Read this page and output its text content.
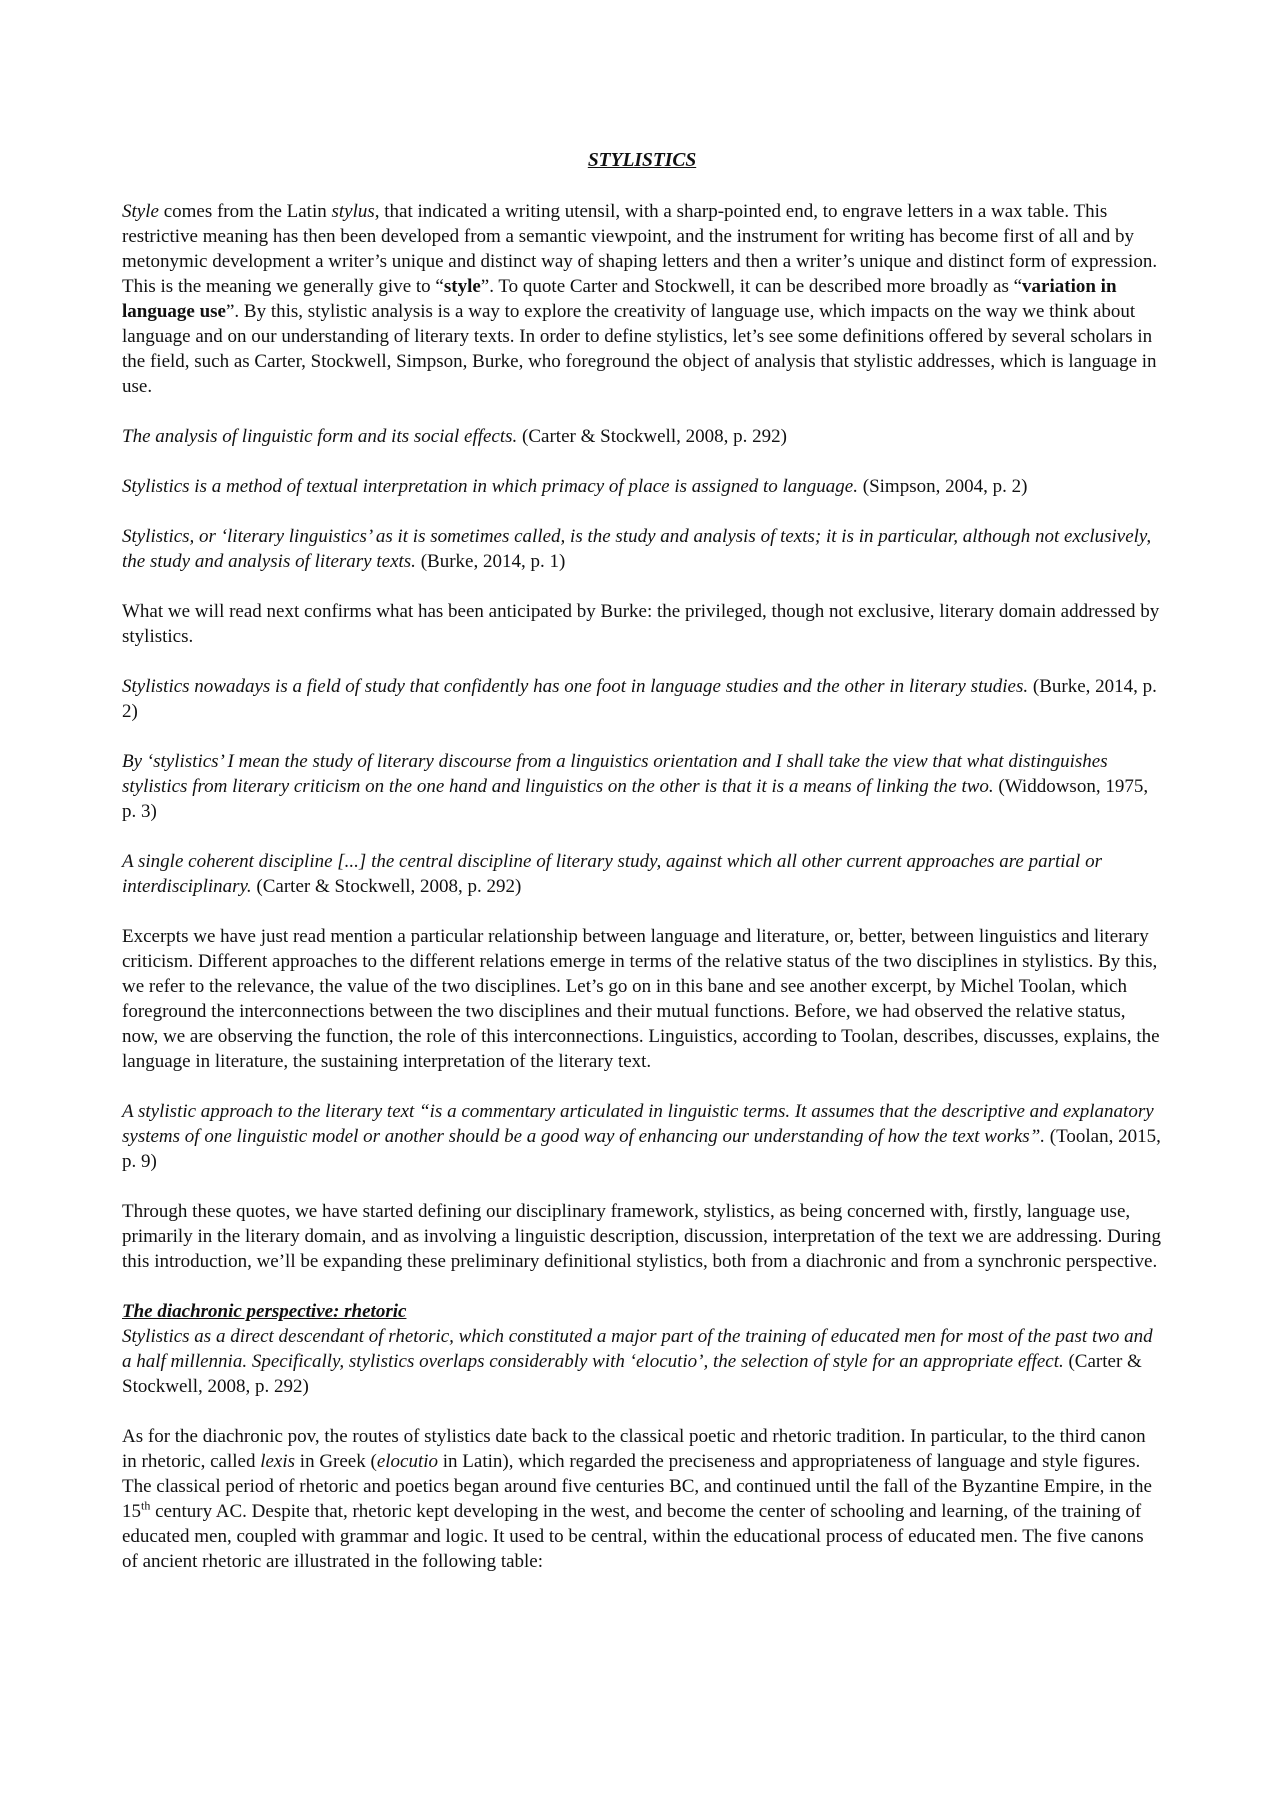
STYLISTICS

Style comes from the Latin stylus, that indicated a writing utensil, with a sharp-pointed end, to engrave letters in a wax table. This restrictive meaning has then been developed from a semantic viewpoint, and the instrument for writing has become first of all and by metonymic development a writer’s unique and distinct way of shaping letters and then a writer’s unique and distinct form of expression. This is the meaning we generally give to “style”. To quote Carter and Stockwell, it can be described more broadly as “variation in language use”. By this, stylistic analysis is a way to explore the creativity of language use, which impacts on the way we think about language and on our understanding of literary texts. In order to define stylistics, let’s see some definitions offered by several scholars in the field, such as Carter, Stockwell, Simpson, Burke, who foreground the object of analysis that stylistic addresses, which is language in use.

The analysis of linguistic form and its social effects. (Carter & Stockwell, 2008, p. 292)

Stylistics is a method of textual interpretation in which primacy of place is assigned to language. (Simpson, 2004, p. 2)

Stylistics, or ‘literary linguistics’ as it is sometimes called, is the study and analysis of texts; it is in particular, although not exclusively, the study and analysis of literary texts. (Burke, 2014, p. 1)

What we will read next confirms what has been anticipated by Burke: the privileged, though not exclusive, literary domain addressed by stylistics.

Stylistics nowadays is a field of study that confidently has one foot in language studies and the other in literary studies. (Burke, 2014, p. 2)

By ‘stylistics’ I mean the study of literary discourse from a linguistics orientation and I shall take the view that what distinguishes stylistics from literary criticism on the one hand and linguistics on the other is that it is a means of linking the two. (Widdowson, 1975, p. 3)

A single coherent discipline [...] the central discipline of literary study, against which all other current approaches are partial or interdisciplinary. (Carter & Stockwell, 2008, p. 292)

Excerpts we have just read mention a particular relationship between language and literature, or, better, between linguistics and literary criticism. Different approaches to the different relations emerge in terms of the relative status of the two disciplines in stylistics. By this, we refer to the relevance, the value of the two disciplines. Let’s go on in this bane and see another excerpt, by Michel Toolan, which foreground the interconnections between the two disciplines and their mutual functions. Before, we had observed the relative status, now, we are observing the function, the role of this interconnections. Linguistics, according to Toolan, describes, discusses, explains, the language in literature, the sustaining interpretation of the literary text.

A stylistic approach to the literary text “is a commentary articulated in linguistic terms. It assumes that the descriptive and explanatory systems of one linguistic model or another should be a good way of enhancing our understanding of how the text works”. (Toolan, 2015, p. 9)

Through these quotes, we have started defining our disciplinary framework, stylistics, as being concerned with, firstly, language use, primarily in the literary domain, and as involving a linguistic description, discussion, interpretation of the text we are addressing. During this introduction, we’ll be expanding these preliminary definitional stylistics, both from a diachronic and from a synchronic perspective.

The diachronic perspective: rhetoric

Stylistics as a direct descendant of rhetoric, which constituted a major part of the training of educated men for most of the past two and a half millennia. Specifically, stylistics overlaps considerably with ‘elocutio’, the selection of style for an appropriate effect. (Carter & Stockwell, 2008, p. 292)

As for the diachronic pov, the routes of stylistics date back to the classical poetic and rhetoric tradition. In particular, to the third canon in rhetoric, called lexis in Greek (elocutio in Latin), which regarded the preciseness and appropriateness of language and style figures. The classical period of rhetoric and poetics began around five centuries BC, and continued until the fall of the Byzantine Empire, in the 15th century AC. Despite that, rhetoric kept developing in the west, and become the center of schooling and learning, of the training of educated men, coupled with grammar and logic. It used to be central, within the educational process of educated men. The five canons of ancient rhetoric are illustrated in the following table:
